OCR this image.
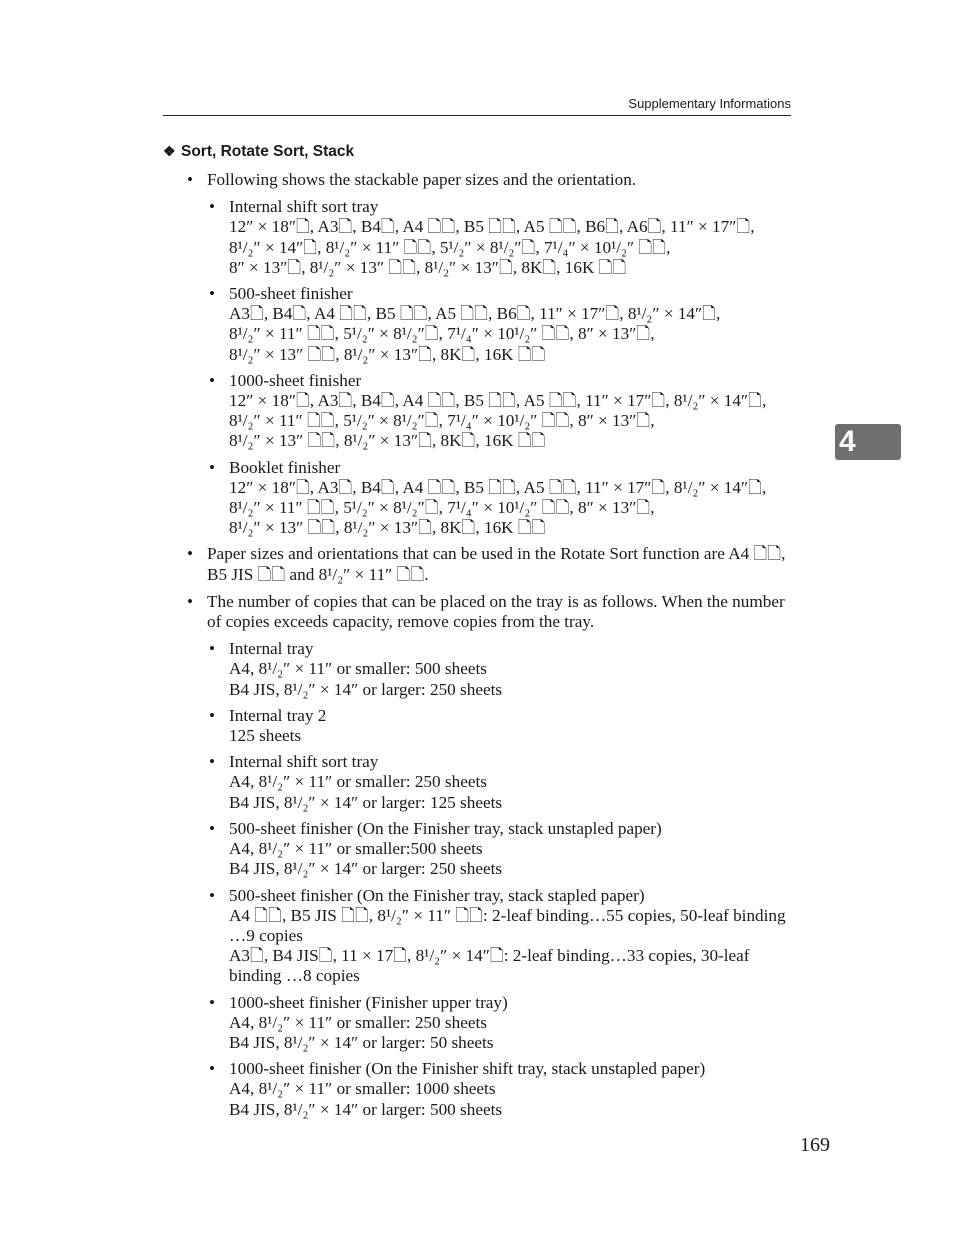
Supplementary Informations
❖ Sort, Rotate Sort, Stack
• Following shows the stackable paper sizes and the orientation.
• Internal shift sort tray
12″ × 18″🗋, A3🗋, B4🗋, A4 🗋🗋, B5 🗋🗋, A5 🗋🗋, B6🗋, A6🗋, 11″ × 17″🗋,
8¹/₂″ × 14″🗋, 8¹/₂″ × 11″ 🗋🗋, 5¹/₂″ × 8¹/₂″🗋, 7¹/₄″ × 10¹/₂″ 🗋🗋,
8″ × 13″🗋, 8¹/₂″ × 13″ 🗋🗋, 8¹/₂″ × 13″🗋, 8K🗋, 16K 🗋🗋
• 500-sheet finisher
A3🗋, B4🗋, A4 🗋🗋, B5 🗋🗋, A5 🗋🗋, B6🗋, 11″ × 17″🗋, 8¹/₂″ × 14″🗋,
8¹/₂″ × 11″ 🗋🗋, 5¹/₂″ × 8¹/₂″🗋, 7¹/₄″ × 10¹/₂″ 🗋🗋, 8″ × 13″🗋,
8¹/₂″ × 13″ 🗋🗋, 8¹/₂″ × 13″🗋, 8K🗋, 16K 🗋🗋
• 1000-sheet finisher
12″ × 18″🗋, A3🗋, B4🗋, A4 🗋🗋, B5 🗋🗋, A5 🗋🗋, 11″ × 17″🗋, 8¹/₂″ × 14″🗋,
8¹/₂″ × 11″ 🗋🗋, 5¹/₂″ × 8¹/₂″🗋, 7¹/₄″ × 10¹/₂″ 🗋🗋, 8″ × 13″🗋,
8¹/₂″ × 13″ 🗋🗋, 8¹/₂″ × 13″🗋, 8K🗋, 16K 🗋🗋
• Booklet finisher
12″ × 18″🗋, A3🗋, B4🗋, A4 🗋🗋, B5 🗋🗋, A5 🗋🗋, 11″ × 17″🗋, 8¹/₂″ × 14″🗋,
8¹/₂″ × 11″ 🗋🗋, 5¹/₂″ × 8¹/₂″🗋, 7¹/₄″ × 10¹/₂″ 🗋🗋, 8″ × 13″🗋,
8¹/₂″ × 13″ 🗋🗋, 8¹/₂″ × 13″🗋, 8K🗋, 16K 🗋🗋
• Paper sizes and orientations that can be used in the Rotate Sort function are A4 🗋🗋, B5 JIS 🗋🗋 and 8¹/₂″ × 11″ 🗋🗋.
• The number of copies that can be placed on the tray is as follows. When the number of copies exceeds capacity, remove copies from the tray.
• Internal tray
A4, 8¹/₂″ × 11″ or smaller: 500 sheets
B4 JIS, 8¹/₂″ × 14″ or larger: 250 sheets
• Internal tray 2
125 sheets
• Internal shift sort tray
A4, 8¹/₂″ × 11″ or smaller: 250 sheets
B4 JIS, 8¹/₂″ × 14″ or larger: 125 sheets
• 500-sheet finisher (On the Finisher tray, stack unstapled paper)
A4, 8¹/₂″ × 11″ or smaller:500 sheets
B4 JIS, 8¹/₂″ × 14″ or larger: 250 sheets
• 500-sheet finisher (On the Finisher tray, stack stapled paper)
A4 🗋🗋, B5 JIS 🗋🗋, 8¹/₂″ × 11″ 🗋🗋: 2-leaf binding…55 copies, 50-leaf binding …9 copies
A3🗋, B4 JIS🗋, 11 × 17🗋, 8¹/₂″ × 14″🗋: 2-leaf binding…33 copies, 30-leaf binding …8 copies
• 1000-sheet finisher (Finisher upper tray)
A4, 8¹/₂″ × 11″ or smaller: 250 sheets
B4 JIS, 8¹/₂″ × 14″ or larger: 50 sheets
• 1000-sheet finisher (On the Finisher shift tray, stack unstapled paper)
A4, 8¹/₂″ × 11″ or smaller: 1000 sheets
B4 JIS, 8¹/₂″ × 14″ or larger: 500 sheets
4
169
